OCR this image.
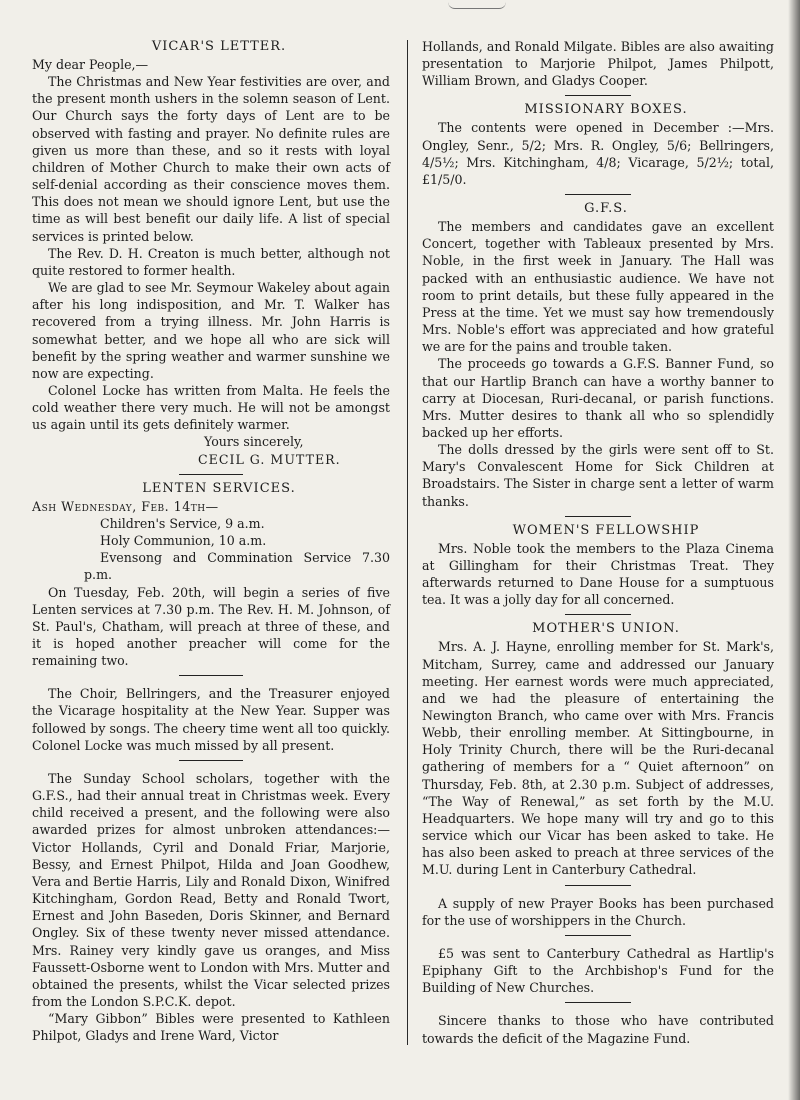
VICAR'S LETTER.

My dear People,—

The Christmas and New Year festivities are over, and the present month ushers in the solemn season of Lent. Our Church says the forty days of Lent are to be observed with fasting and prayer. No definite rules are given us more than these, and so it rests with loyal children of Mother Church to make their own acts of self-denial according as their conscience moves them. This does not mean we should ignore Lent, but use the time as will best benefit our daily life. A list of special services is printed below.

The Rev. D. H. Creaton is much better, although not quite restored to former health.

We are glad to see Mr. Seymour Wakeley about again after his long indisposition, and Mr. T. Walker has recovered from a trying illness. Mr. John Harris is somewhat better, and we hope all who are sick will benefit by the spring weather and warmer sunshine we now are expecting.

Colonel Locke has written from Malta. He feels the cold weather there very much. He will not be amongst us again until its gets definitely warmer.

Yours sincerely,

CECIL G. MUTTER.

LENTEN SERVICES.

Ash Wednesday, Feb. 14th—

Children's Service, 9 a.m.

Holy Communion, 10 a.m.

Evensong and Commination Service 7.30 p.m.

On Tuesday, Feb. 20th, will begin a series of five Lenten services at 7.30 p.m. The Rev. H. M. Johnson, of St. Paul's, Chatham, will preach at three of these, and it is hoped another preacher will come for the remaining two.

The Choir, Bellringers, and the Treasurer enjoyed the Vicarage hospitality at the New Year. Supper was followed by songs. The cheery time went all too quickly. Colonel Locke was much missed by all present.

The Sunday School scholars, together with the G.F.S., had their annual treat in Christmas week. Every child received a present, and the following were also awarded prizes for almost unbroken attendances:—Victor Hollands, Cyril and Donald Friar, Marjorie, Bessy, and Ernest Philpot, Hilda and Joan Goodhew, Vera and Bertie Harris, Lily and Ronald Dixon, Winifred Kitchingham, Gordon Read, Betty and Ronald Twort, Ernest and John Baseden, Doris Skinner, and Bernard Ongley. Six of these twenty never missed attendance. Mrs. Rainey very kindly gave us oranges, and Miss Faussett-Osborne went to London with Mrs. Mutter and obtained the presents, whilst the Vicar selected prizes from the London S.P.C.K. depot.

“Mary Gibbon” Bibles were presented to Kathleen Philpot, Gladys and Irene Ward, Victor

Hollands, and Ronald Milgate. Bibles are also awaiting presentation to Marjorie Philpot, James Philpott, William Brown, and Gladys Cooper.

MISSIONARY BOXES.

The contents were opened in December :—Mrs. Ongley, Senr., 5/2; Mrs. R. Ongley, 5/6; Bellringers, 4/5½; Mrs. Kitchingham, 4/8; Vicarage, 5/2½; total, £1/5/0.

G.F.S.

The members and candidates gave an excellent Concert, together with Tableaux presented by Mrs. Noble, in the first week in January. The Hall was packed with an enthusiastic audience. We have not room to print details, but these fully appeared in the Press at the time. Yet we must say how tremendously Mrs. Noble's effort was appreciated and how grateful we are for the pains and trouble taken.

The proceeds go towards a G.F.S. Banner Fund, so that our Hartlip Branch can have a worthy banner to carry at Diocesan, Ruri-decanal, or parish functions. Mrs. Mutter desires to thank all who so splendidly backed up her efforts.

The dolls dressed by the girls were sent off to St. Mary's Convalescent Home for Sick Children at Broadstairs. The Sister in charge sent a letter of warm thanks.

WOMEN'S FELLOWSHIP

Mrs. Noble took the members to the Plaza Cinema at Gillingham for their Christmas Treat. They afterwards returned to Dane House for a sumptuous tea. It was a jolly day for all concerned.

MOTHER'S UNION.

Mrs. A. J. Hayne, enrolling member for St. Mark's, Mitcham, Surrey, came and addressed our January meeting. Her earnest words were much appreciated, and we had the pleasure of entertaining the Newington Branch, who came over with Mrs. Francis Webb, their enrolling member. At Sittingbourne, in Holy Trinity Church, there will be the Ruri-decanal gathering of members for a “ Quiet afternoon” on Thursday, Feb. 8th, at 2.30 p.m. Subject of addresses, “The Way of Renewal,” as set forth by the M.U. Headquarters. We hope many will try and go to this service which our Vicar has been asked to take. He has also been asked to preach at three services of the M.U. during Lent in Canterbury Cathedral.

A supply of new Prayer Books has been purchased for the use of worshippers in the Church.

£5 was sent to Canterbury Cathedral as Hartlip's Epiphany Gift to the Archbishop's Fund for the Building of New Churches.

Sincere thanks to those who have contributed towards the deficit of the Magazine Fund.
